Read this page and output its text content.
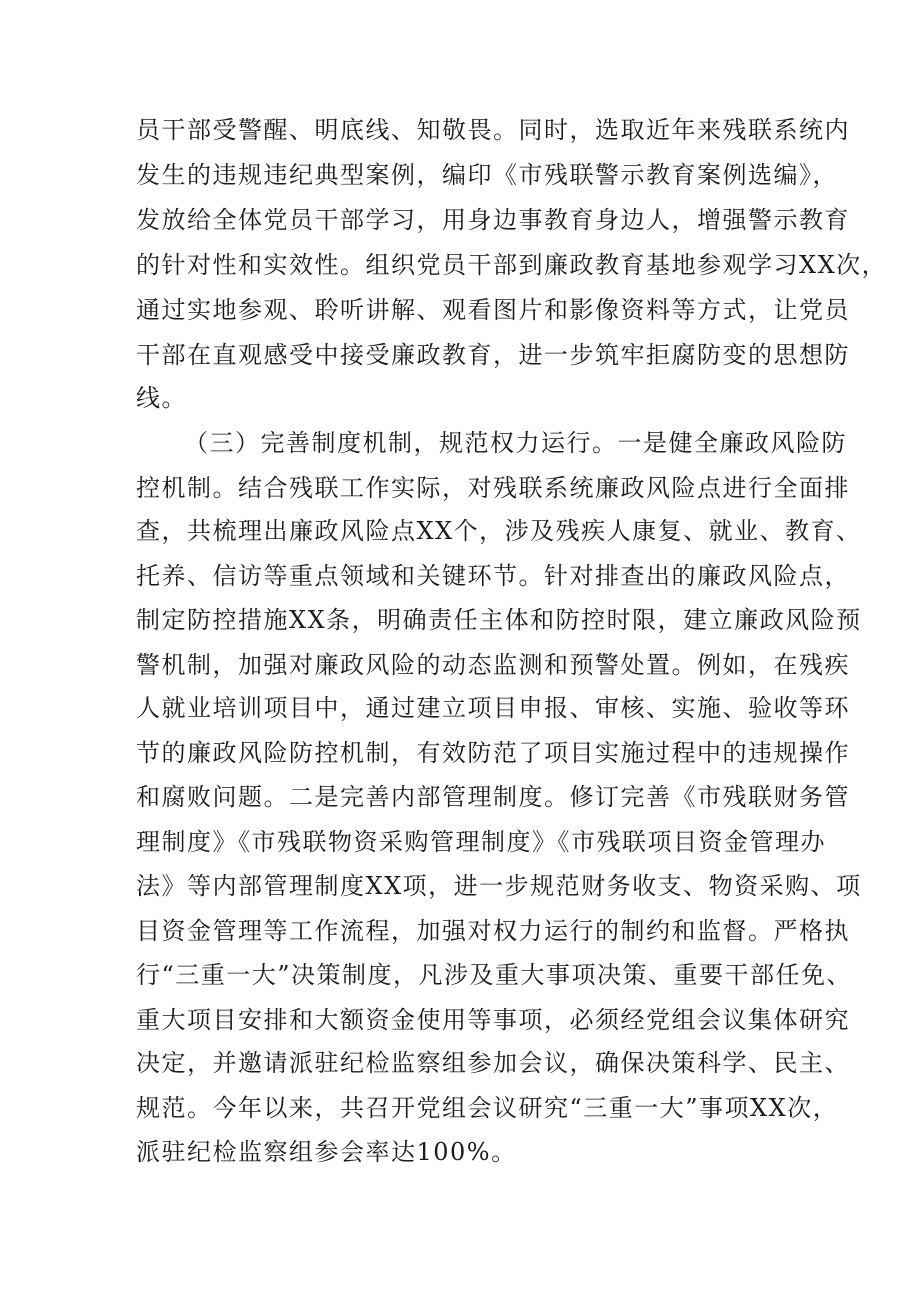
员干部受警醒、明底线、知敬畏。同时，选取近年来残联系统内
发生的违规违纪典型案例，编印《市残联警示教育案例选编》，
发放给全体党员干部学习，用身边事教育身边人，增强警示教育
的针对性和实效性。组织党员干部到廉政教育基地参观学习XX次，
通过实地参观、聆听讲解、观看图片和影像资料等方式，让党员
干部在直观感受中接受廉政教育，进一步筑牢拒腐防变的思想防
线。
（三）完善制度机制，规范权力运行。一是健全廉政风险防
控机制。结合残联工作实际，对残联系统廉政风险点进行全面排
查，共梳理出廉政风险点XX个，涉及残疾人康复、就业、教育、
托养、信访等重点领域和关键环节。针对排查出的廉政风险点，
制定防控措施XX条，明确责任主体和防控时限，建立廉政风险预
警机制，加强对廉政风险的动态监测和预警处置。例如，在残疾
人就业培训项目中，通过建立项目申报、审核、实施、验收等环
节的廉政风险防控机制，有效防范了项目实施过程中的违规操作
和腐败问题。二是完善内部管理制度。修订完善《市残联财务管
理制度》《市残联物资采购管理制度》《市残联项目资金管理办
法》等内部管理制度XX项，进一步规范财务收支、物资采购、项
目资金管理等工作流程，加强对权力运行的制约和监督。严格执
行“三重一大”决策制度，凡涉及重大事项决策、重要干部任免、
重大项目安排和大额资金使用等事项，必须经党组会议集体研究
决定，并邀请派驻纪检监察组参加会议，确保决策科学、民主、
规范。今年以来，共召开党组会议研究“三重一大”事项XX次，
派驻纪检监察组参会率达100%。
